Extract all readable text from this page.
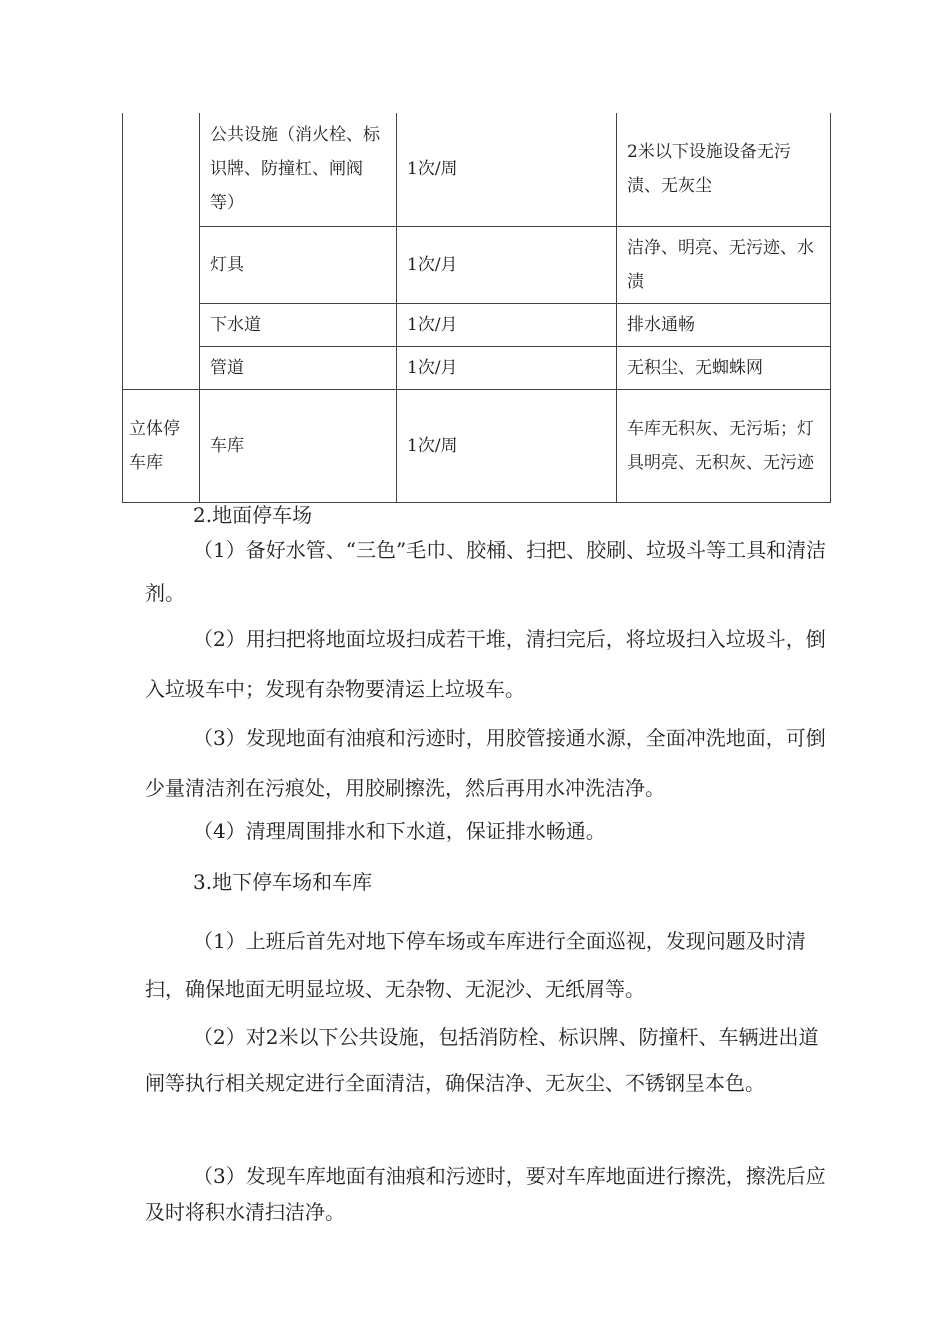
	公共设施（消火栓、标识牌、防撞杠、闸阀等）	1次/周	2米以下设施设备无污渍、无灰尘
	灯具	1次/月	洁净、明亮、无污迹、水渍
	下水道	1次/月	排水通畅
	管道	1次/月	无积尘、无蜘蛛网
立体停车库	车库	1次/周	车库无积灰、无污垢；灯具明亮、无积灰、无污迹

2.地面停车场

（1）备好水管、“三色”毛巾、胶桶、扫把、胶刷、垃圾斗等工具和清洁剂。

（2）用扫把将地面垃圾扫成若干堆，清扫完后，将垃圾扫入垃圾斗，倒入垃圾车中；发现有杂物要清运上垃圾车。

（3）发现地面有油痕和污迹时，用胶管接通水源，全面冲洗地面，可倒少量清洁剂在污痕处，用胶刷擦洗，然后再用水冲洗洁净。

（4）清理周围排水和下水道，保证排水畅通。

3.地下停车场和车库

（1）上班后首先对地下停车场或车库进行全面巡视，发现问题及时清扫，确保地面无明显垃圾、无杂物、无泥沙、无纸屑等。

（2）对2米以下公共设施，包括消防栓、标识牌、防撞杆、车辆进出道闸等执行相关规定进行全面清洁，确保洁净、无灰尘、不锈钢呈本色。

（3）发现车库地面有油痕和污迹时，要对车库地面进行擦洗，擦洗后应及时将积水清扫洁净。
